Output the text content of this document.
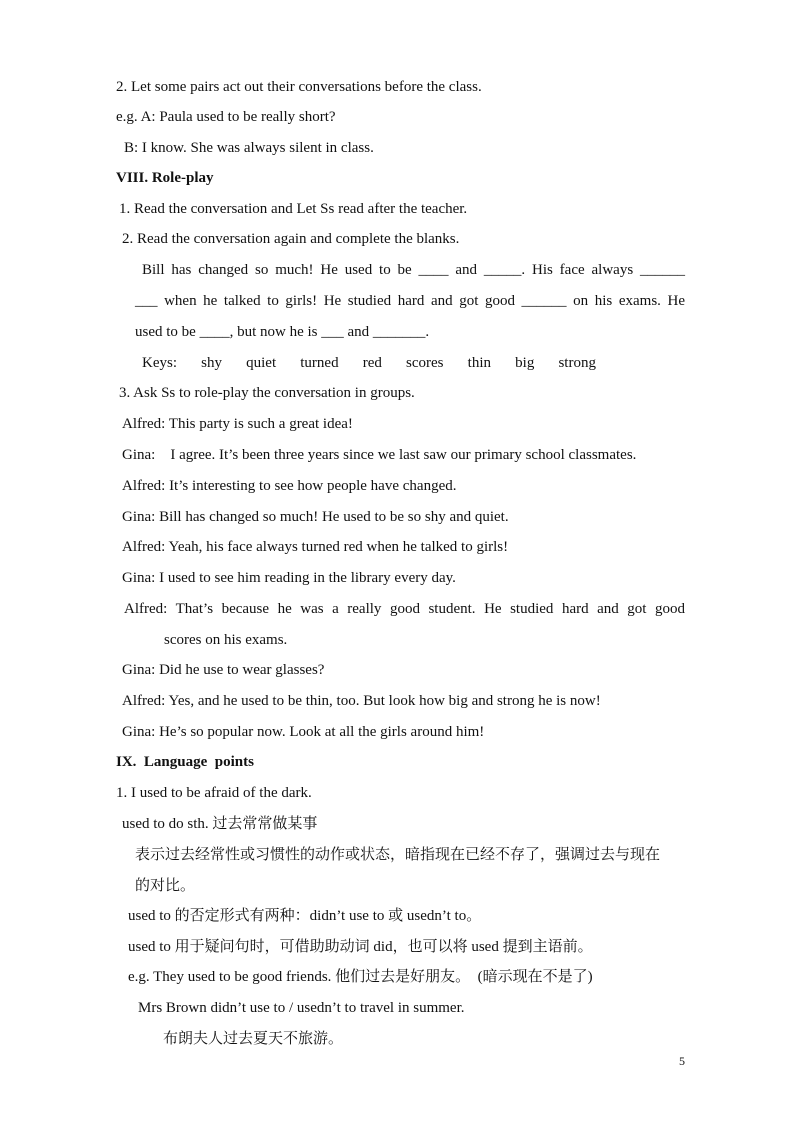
2. Let some pairs act out their conversations before the class.
e.g. A: Paula used to be really short?
B: I know. She was always silent in class.
VIII. Role-play
1. Read the conversation and Let Ss read after the teacher.
2. Read the conversation again and complete the blanks.
Bill has changed so much! He used to be ____ and _____. His face always ______
___ when he talked to girls! He studied hard and got good ______ on his exams. He
used to be ____, but now he is ___ and _______.
Keys: shy quiet turned red scores thin big strong
3. Ask Ss to role-play the conversation in groups.
Alfred: This party is such a great idea!
Gina:    I agree. It’s been three years since we last saw our primary school classmates.
Alfred: It’s interesting to see how people have changed.
Gina: Bill has changed so much! He used to be so shy and quiet.
Alfred: Yeah, his face always turned red when he talked to girls!
Gina: I used to see him reading in the library every day.
Alfred: That’s because he was a really good student. He studied hard and got good
scores on his exams.
Gina: Did he use to wear glasses?
Alfred: Yes, and he used to be thin, too. But look how big and strong he is now!
Gina: He’s so popular now. Look at all the girls around him!
IX.  Language  points
1. I used to be afraid of the dark.
used to do sth. 过去常常做某事
表示过去经常性或习惯性的动作或状态，暗指现在已经不存了，强调过去与现在
的对比。
used to 的否定形式有两种：didn’t use to 或 usedn’t to。
used to 用于疑问句时，可借助助动词 did，也可以将 used 提到主语前。
e.g. They used to be good friends. 他们过去是好朋友。  (暗示现在不是了)
Mrs Brown didn’t use to / usedn’t to travel in summer.
布朗夫人过去夏天不旅游。
5
